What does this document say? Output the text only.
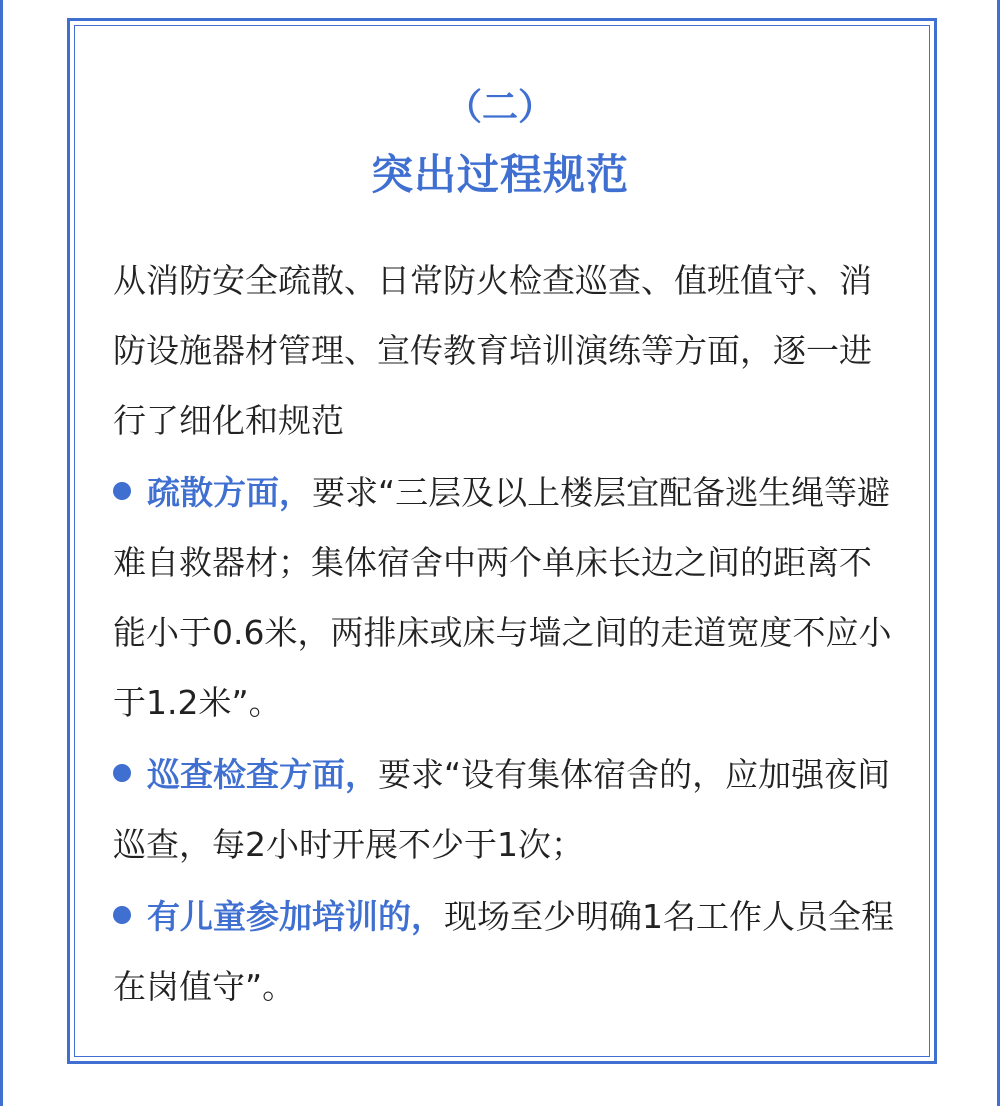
（二）
突出过程规范

从消防安全疏散、日常防火检查巡查、值班值守、消防设施器材管理、宣传教育培训演练等方面，逐一进行了细化和规范

疏散方面，要求“三层及以上楼层宜配备逃生绳等避难自救器材；集体宿舍中两个单床长边之间的距离不能小于0.6米，两排床或床与墙之间的走道宽度不应小于1.2米”。

巡查检查方面，要求“设有集体宿舍的，应加强夜间巡查，每2小时开展不少于1次；

有儿童参加培训的，现场至少明确1名工作人员全程在岗值守”。
